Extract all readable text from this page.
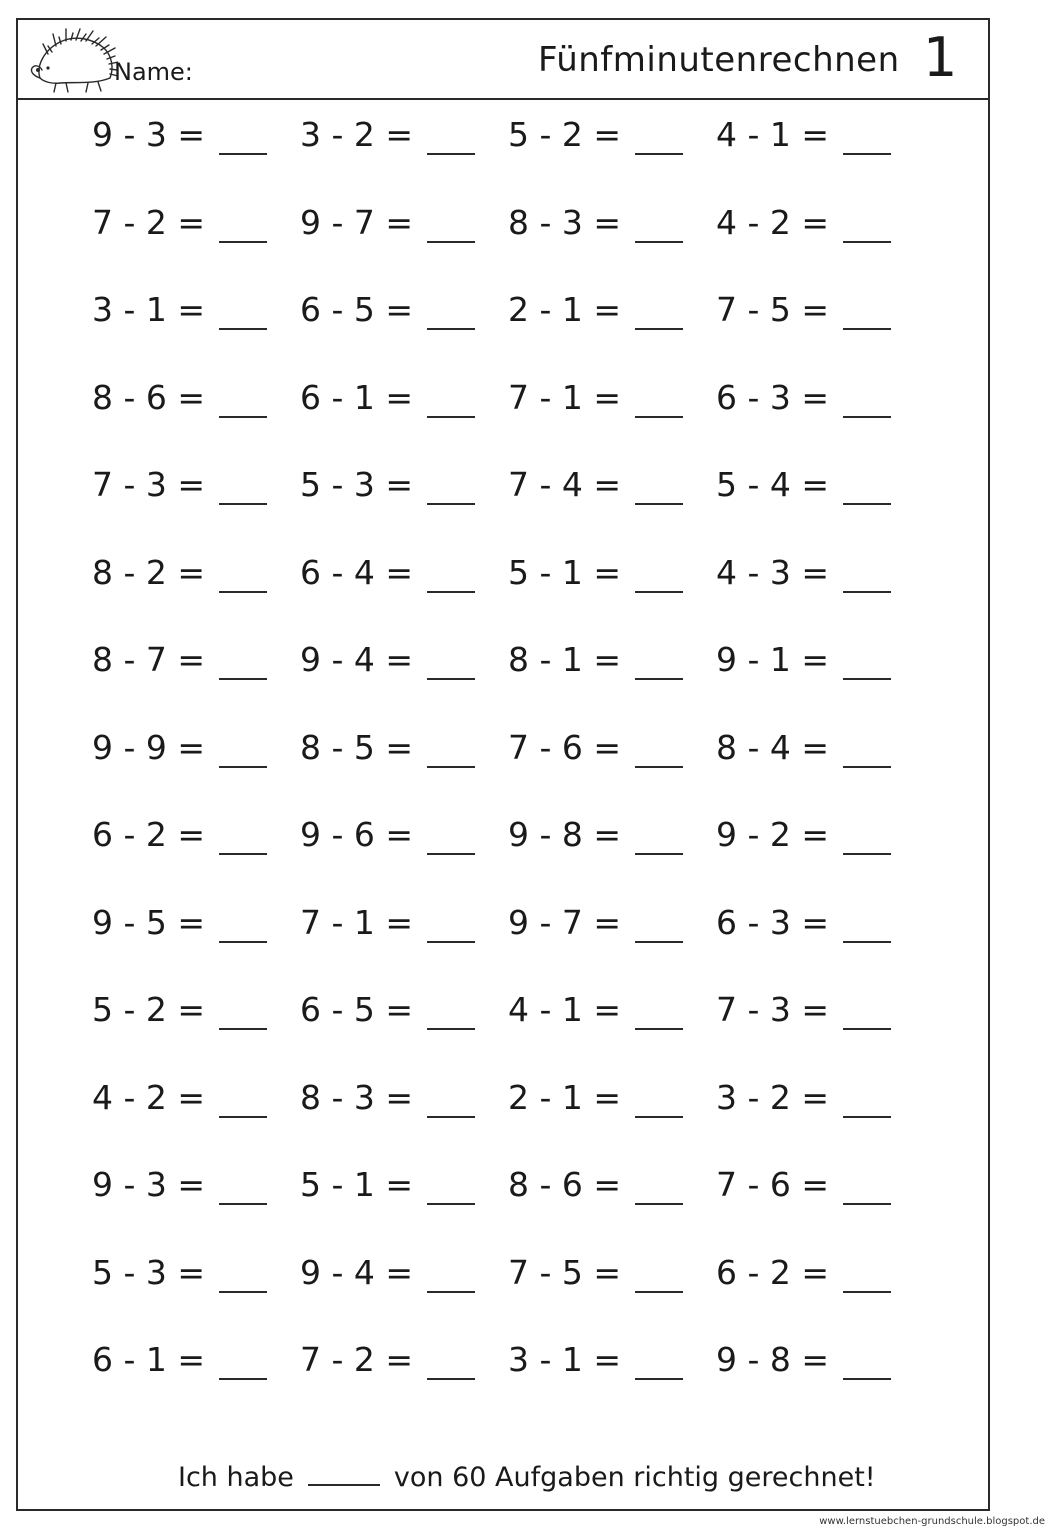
Name:	Fünfminutenrechnen 1
Ich habe	von 60 Aufgaben richtig gerechnet!
9 - 3 =	3 - 2 =	5 - 2 =	4 - 1 =
7 - 2 =	9 - 7 =	8 - 3 =	4 - 2 =
3 - 1 =	6 - 5 =	2 - 1 =	7 - 5 =
8 - 6 =	6 - 1 =	7 - 1 =	6 - 3 =
7 - 3 =	5 - 3 =	7 - 4 =	5 - 4 =
8 - 2 =	6 - 4 =	5 - 1 =	4 - 3 =
8 - 7 =	9 - 4 =	8 - 1 =	9 - 1 =
9 - 9 =	8 - 5 =	7 - 6 =	8 - 4 =
6 - 2 =	9 - 6 =	9 - 8 =	9 - 2 =
9 - 5 =	7 - 1 =	9 - 7 =	6 - 3 =
5 - 2 =	6 - 5 =	4 - 1 =	7 - 3 =
4 - 2 =	8 - 3 =	2 - 1 =	3 - 2 =
9 - 3 =	5 - 1 =	8 - 6 =	7 - 6 =
5 - 3 =	9 - 4 =	7 - 5 =	6 - 2 =
6 - 1 =	7 - 2 =	3 - 1 =	9 - 8 =
www.lernstuebchen-grundschule.blogspot.de
